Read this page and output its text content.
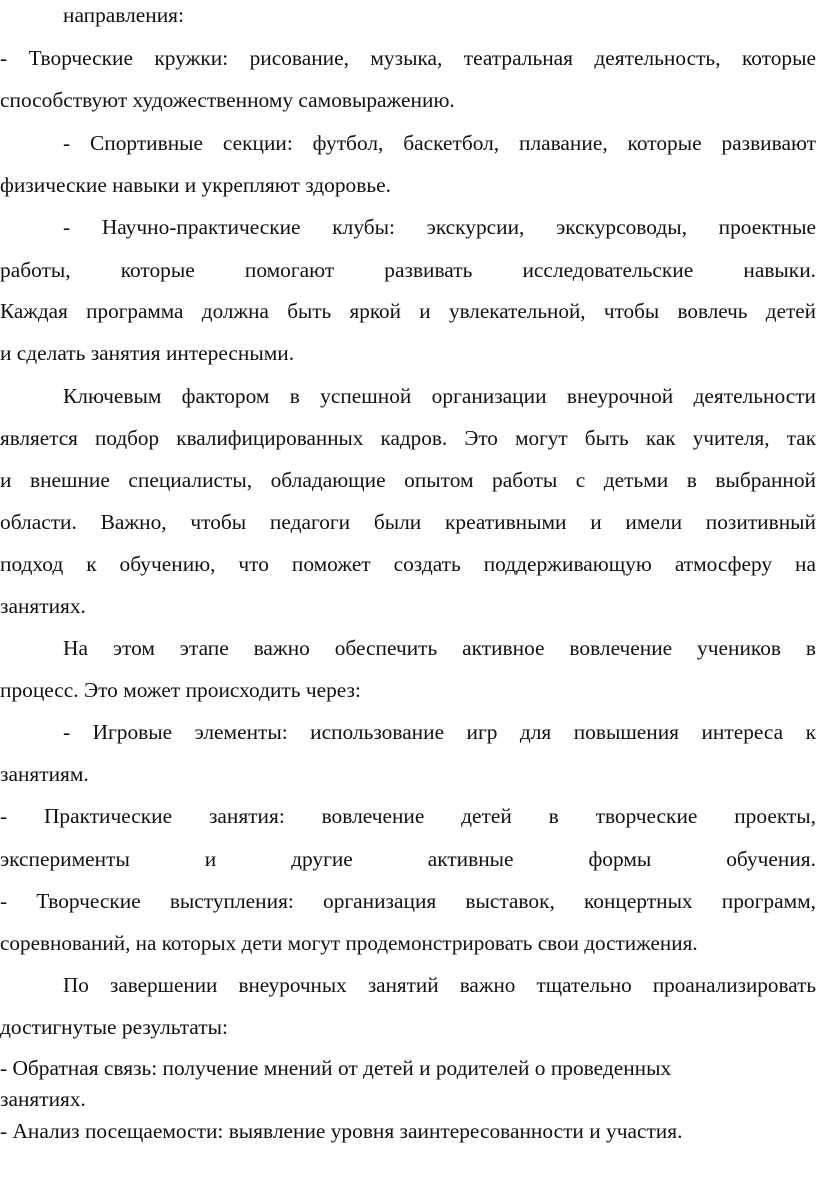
направления:

- Творческие кружки: рисование, музыка, театральная деятельность, которые

способствуют художественному самовыражению.

- Спортивные секции: футбол, баскетбол, плавание, которые развивают

физические навыки и укрепляют здоровье.

- Научно-практические клубы: экскурсии, экскурсоводы, проектные

работы, которые помогают развивать исследовательские навыки.

Каждая программа должна быть яркой и увлекательной, чтобы вовлечь детей

и сделать занятия интересными.

Ключевым фактором в успешной организации внеурочной деятельности

является подбор квалифицированных кадров. Это могут быть как учителя, так

и внешние специалисты, обладающие опытом работы с детьми в выбранной

области. Важно, чтобы педагоги были креативными и имели позитивный

подход к обучению, что поможет создать поддерживающую атмосферу на

занятиях.

На этом этапе важно обеспечить активное вовлечение учеников в

процесс. Это может происходить через:

- Игровые элементы: использование игр для повышения интереса к

занятиям.

- Практические занятия: вовлечение детей в творческие проекты,

эксперименты и другие активные формы обучения.

- Творческие выступления: организация выставок, концертных программ,

соревнований, на которых дети могут продемонстрировать свои достижения.

По завершении внеурочных занятий важно тщательно проанализировать

достигнутые результаты:

- Обратная связь: получение мнений от детей и родителей о проведенных

занятиях.

- Анализ посещаемости: выявление уровня заинтересованности и участия.
